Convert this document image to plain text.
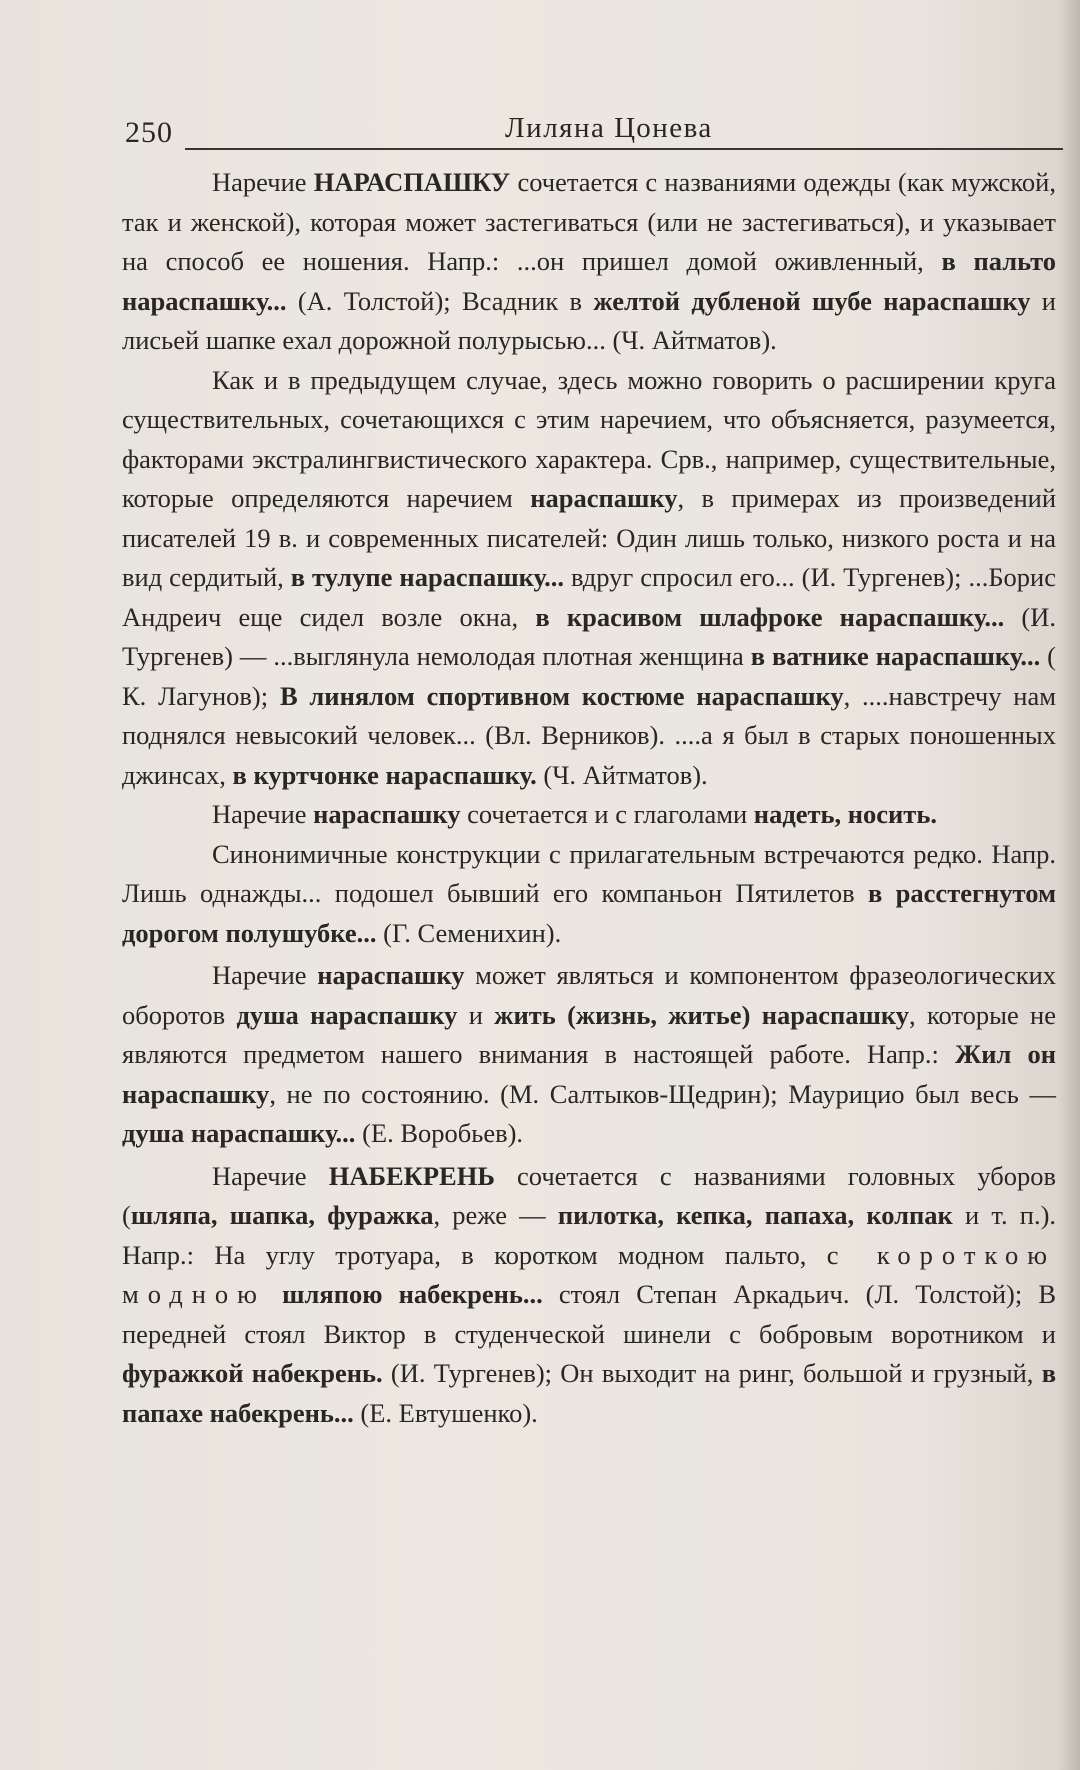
250	Лиляна Цонева

Наречие НАРАСПАШКУ сочетается с названиями одежды (как мужской, так и женской), которая может застегиваться (или не застегиваться), и указывает на способ ее ношения. Напр.: ...он пришел домой оживленный, в пальто нараспашку... (А. Толстой); Всадник в желтой дубленой шубе нараспашку и лисьей шапке ехал дорожной полурысью... (Ч. Айтматов).

Как и в предыдущем случае, здесь можно говорить о расширении круга существительных, сочетающихся с этим наречием, что объясняется, разумеется, факторами экстралингвистического характера. Срв., например, существительные, которые определяются наречием нараспашку, в примерах из произведений писателей 19 в. и современных писателей: Один лишь только, низкого роста и на вид сердитый, в тулупе нараспашку... вдруг спросил его... (И. Тургенев); ...Борис Андреич еще сидел возле окна, в красивом шлафроке нараспашку... (И. Тургенев) — ...выглянула немолодая плотная женщина в ватнике нараспашку... ( К. Лагунов); В линялом спортивном костюме нараспашку, ....навстречу нам поднялся невысокий человек... (Вл. Верников). ....а я был в старых поношенных джинсах, в куртчонке нараспашку. (Ч. Айтматов).

Наречие нараспашку сочетается и с глаголами надеть, носить.

Синонимичные конструкции с прилагательным встречаются редко. Напр. Лишь однажды... подошел бывший его компаньон Пятилетов в расстегнутом дорогом полушубке... (Г. Семенихин).

Наречие нараспашку может являться и компонентом фразеологических оборотов душа нараспашку и жить (жизнь, житье) нараспашку, которые не являются предметом нашего внимания в настоящей работе. Напр.: Жил он нараспашку, не по состоянию. (М. Салтыков-Щедрин); Маурицио был весь — душа нараспашку... (Е. Воробьев).

Наречие НАБЕКРЕНЬ сочетается с названиями головных уборов (шляпа, шапка, фуражка, реже — пилотка, кепка, папаха, колпак и т. п.). Напр.: На углу тротуара, в коротком модном пальто, с короткою модною шляпою набекрень... стоял Степан Аркадьич. (Л. Толстой); В передней стоял Виктор в студенческой шинели с бобровым воротником и фуражкой набекрень. (И. Тургенев); Он выходит на ринг, большой и грузный, в папахе набекрень... (Е. Евтушенко).
